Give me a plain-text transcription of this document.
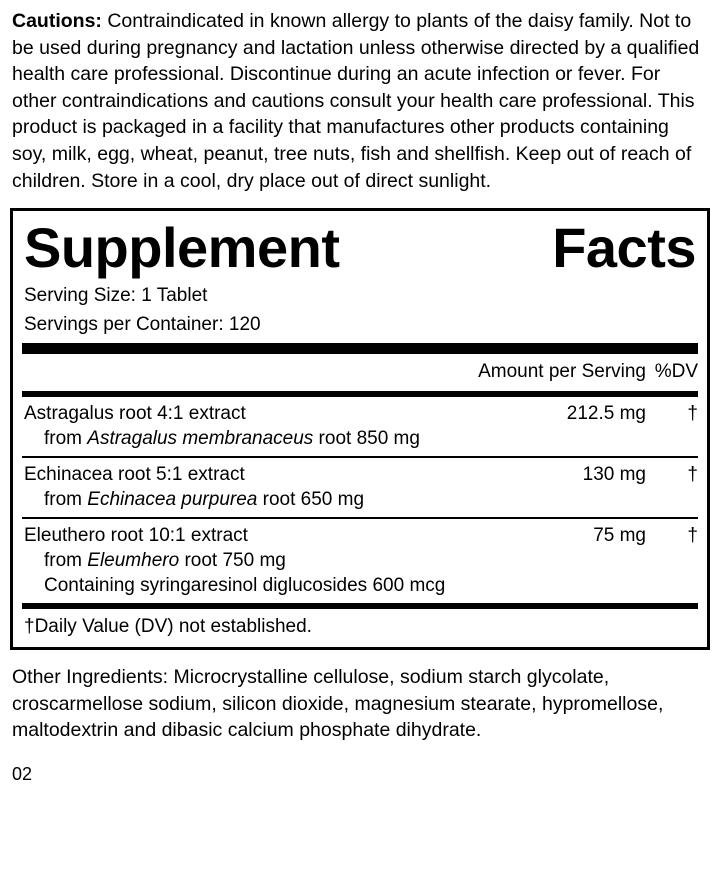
Cautions: Contraindicated in known allergy to plants of the daisy family. Not to be used during pregnancy and lactation unless otherwise directed by a qualified health care professional. Discontinue during an acute infection or fever. For other contraindications and cautions consult your health care professional. This product is packaged in a facility that manufactures other products containing soy, milk, egg, wheat, peanut, tree nuts, fish and shellfish. Keep out of reach of children. Store in a cool, dry place out of direct sunlight.

Supplement	Facts
Serving Size: 1 Tablet
Servings per Container: 120
	Amount per Serving	%DV

Astragalus root 4:1 extract
from Astragalus membranaceus root 850 mg	212.5 mg	†

Echinacea root 5:1 extract
from Echinacea purpurea root 650 mg	130 mg	†

Eleuthero root 10:1 extract
from Eleumhero root 750 mg
Containing syringaresinol diglucosides 600 mcg	75 mg	†

†Daily Value (DV) not established.

Other Ingredients: Microcrystalline cellulose, sodium starch glycolate, croscarmellose sodium, silicon dioxide, magnesium stearate, hypromellose, maltodextrin and dibasic calcium phosphate dihydrate.

02
